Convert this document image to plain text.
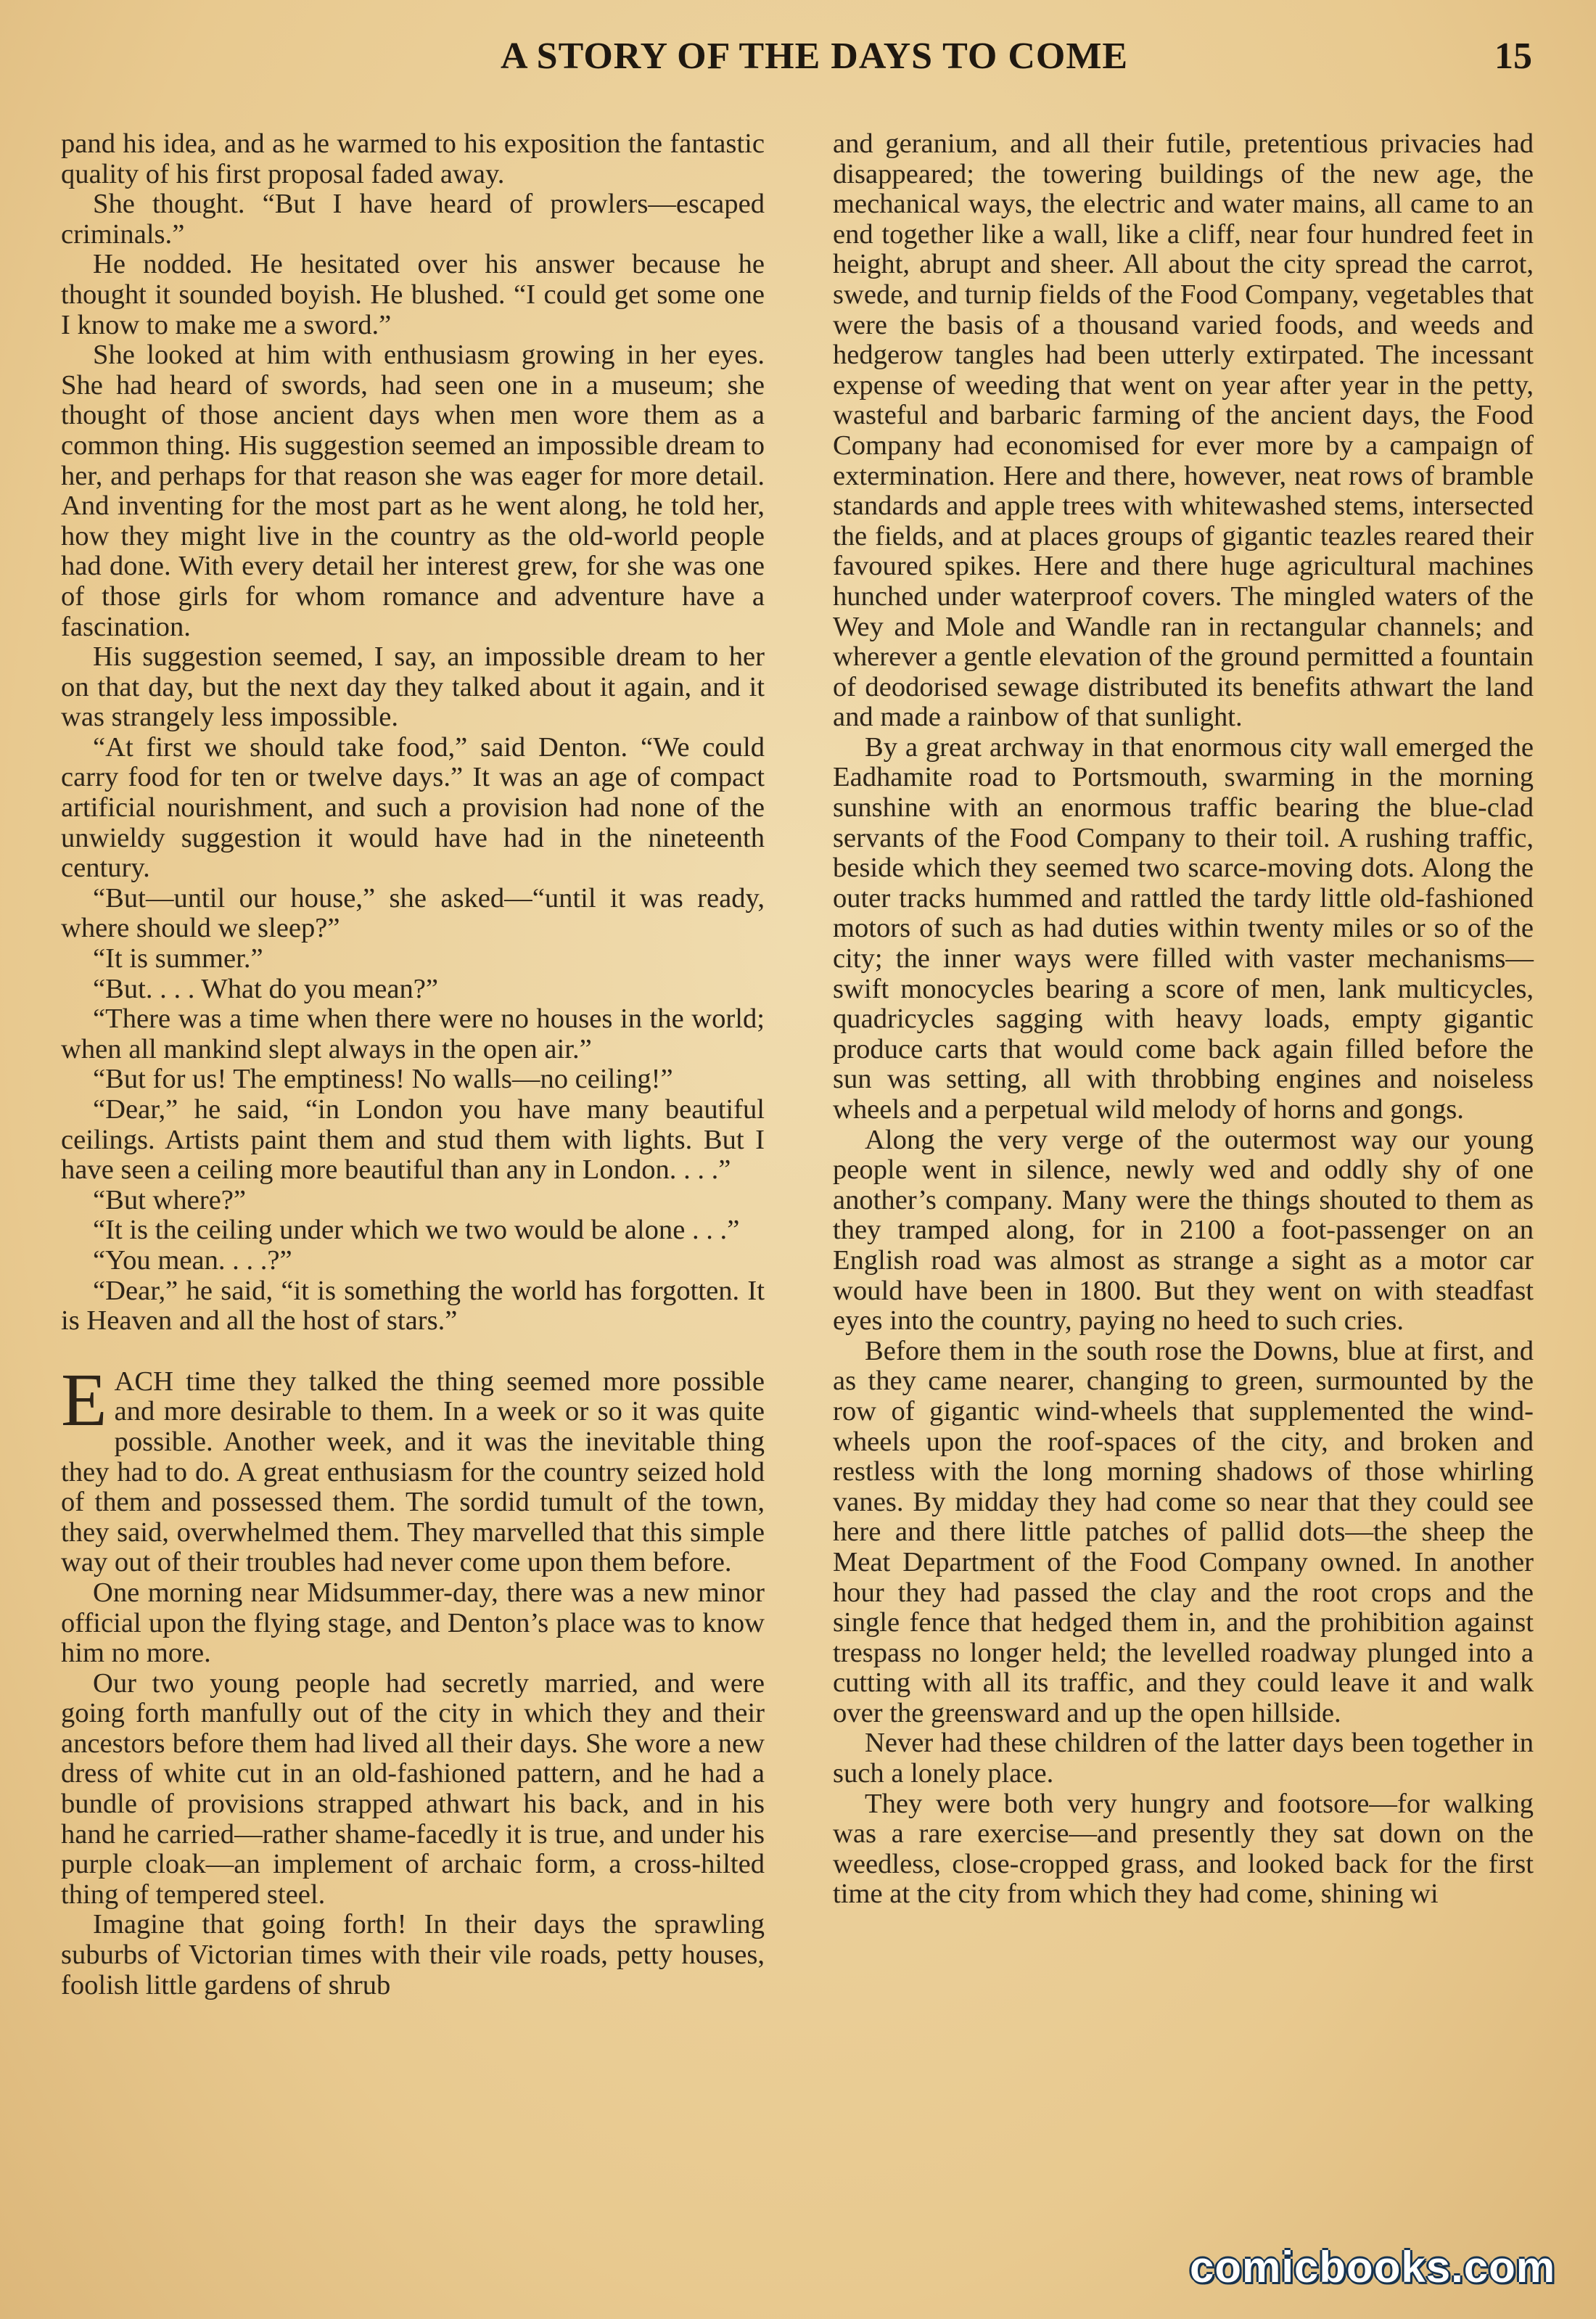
A STORY OF THE DAYS TO COME	15

pand his idea, and as he warmed to his exposition the fantastic quality of his first proposal faded away.

She thought. “But I have heard of prowlers—escaped criminals.”

He nodded. He hesitated over his answer because he thought it sounded boyish. He blushed. “I could get some one I know to make me a sword.”

She looked at him with enthusiasm growing in her eyes. She had heard of swords, had seen one in a museum; she thought of those ancient days when men wore them as a common thing. His suggestion seemed an impossible dream to her, and perhaps for that reason she was eager for more detail. And inventing for the most part as he went along, he told her, how they might live in the country as the old-world people had done. With every detail her interest grew, for she was one of those girls for whom romance and adventure have a fascination.

His suggestion seemed, I say, an impossible dream to her on that day, but the next day they talked about it again, and it was strangely less impossible.

“At first we should take food,” said Denton. “We could carry food for ten or twelve days.” It was an age of compact artificial nourishment, and such a provision had none of the unwieldy suggestion it would have had in the nineteenth century.

“But—until our house,” she asked—“until it was ready, where should we sleep?”

“It is summer.”

“But. . . . What do you mean?”

“There was a time when there were no houses in the world; when all mankind slept always in the open air.”

“But for us! The emptiness! No walls—no ceiling!”

“Dear,” he said, “in London you have many beautiful ceilings. Artists paint them and stud them with lights. But I have seen a ceiling more beautiful than any in London. . . .”

“But where?”

“It is the ceiling under which we two would be alone . . .”

“You mean. . . .?”

“Dear,” he said, “it is something the world has forgotten. It is Heaven and all the host of stars.”

EACH time they talked the thing seemed more possible and more desirable to them. In a week or so it was quite possible. Another week, and it was the inevitable thing they had to do. A great enthusiasm for the country seized hold of them and possessed them. The sordid tumult of the town, they said, overwhelmed them. They marvelled that this simple way out of their troubles had never come upon them before.

One morning near Midsummer-day, there was a new minor official upon the flying stage, and Denton’s place was to know him no more.

Our two young people had secretly married, and were going forth manfully out of the city in which they and their ancestors before them had lived all their days. She wore a new dress of white cut in an old-fashioned pattern, and he had a bundle of provisions strapped athwart his back, and in his hand he carried—rather shame-facedly it is true, and under his purple cloak—an implement of archaic form, a cross-hilted thing of tempered steel.

Imagine that going forth! In their days the sprawling suburbs of Victorian times with their vile roads, petty houses, foolish little gardens of shrub

and geranium, and all their futile, pretentious privacies had disappeared; the towering buildings of the new age, the mechanical ways, the electric and water mains, all came to an end together like a wall, like a cliff, near four hundred feet in height, abrupt and sheer. All about the city spread the carrot, swede, and turnip fields of the Food Company, vegetables that were the basis of a thousand varied foods, and weeds and hedgerow tangles had been utterly extirpated. The incessant expense of weeding that went on year after year in the petty, wasteful and barbaric farming of the ancient days, the Food Company had economised for ever more by a campaign of extermination. Here and there, however, neat rows of bramble standards and apple trees with whitewashed stems, intersected the fields, and at places groups of gigantic teazles reared their favoured spikes. Here and there huge agricultural machines hunched under waterproof covers. The mingled waters of the Wey and Mole and Wandle ran in rectangular channels; and wherever a gentle elevation of the ground permitted a fountain of deodorised sewage distributed its benefits athwart the land and made a rainbow of that sunlight.

By a great archway in that enormous city wall emerged the Eadhamite road to Portsmouth, swarming in the morning sunshine with an enormous traffic bearing the blue-clad servants of the Food Company to their toil. A rushing traffic, beside which they seemed two scarce-moving dots. Along the outer tracks hummed and rattled the tardy little old-fashioned motors of such as had duties within twenty miles or so of the city; the inner ways were filled with vaster mechanisms—swift monocycles bearing a score of men, lank multicycles, quadricycles sagging with heavy loads, empty gigantic produce carts that would come back again filled before the sun was setting, all with throbbing engines and noiseless wheels and a perpetual wild melody of horns and gongs.

Along the very verge of the outermost way our young people went in silence, newly wed and oddly shy of one another’s company. Many were the things shouted to them as they tramped along, for in 2100 a foot-passenger on an English road was almost as strange a sight as a motor car would have been in 1800. But they went on with steadfast eyes into the country, paying no heed to such cries.

Before them in the south rose the Downs, blue at first, and as they came nearer, changing to green, surmounted by the row of gigantic wind-wheels that supplemented the wind-wheels upon the roof-spaces of the city, and broken and restless with the long morning shadows of those whirling vanes. By midday they had come so near that they could see here and there little patches of pallid dots—the sheep the Meat Department of the Food Company owned. In another hour they had passed the clay and the root crops and the single fence that hedged them in, and the prohibition against trespass no longer held; the levelled roadway plunged into a cutting with all its traffic, and they could leave it and walk over the greensward and up the open hillside.

Never had these children of the latter days been together in such a lonely place.

They were both very hungry and footsore—for walking was a rare exercise—and presently they sat down on the weedless, close-cropped grass, and looked back for the first time at the city from which they had come, shining wi

comicbooks.com
